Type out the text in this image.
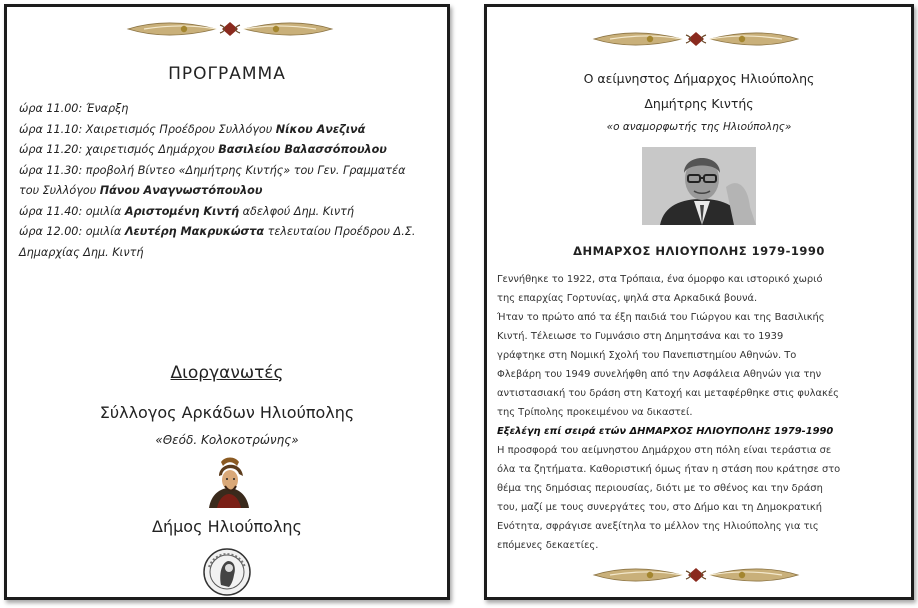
ΠΡΟΓΡΑΜΜΑ
ώρα 11.00: Έναρξη
ώρα 11.10: Χαιρετισμός Προέδρου Συλλόγου Νίκου Ανεζινά
ώρα 11.20: χαιρετισμός Δημάρχου Βασιλείου Βαλασσόπουλου
ώρα 11.30: προβολή Βίντεο «Δημήτρης Κιντής» του Γεν. Γραμματέα
του Συλλόγου Πάνου Αναγνωστόπουλου
ώρα 11.40: ομιλία Αριστομένη Κιντή αδελφού Δημ. Κιντή
ώρα 12.00: ομιλία Λευτέρη Μακρυκώστα τελευταίου Προέδρου Δ.Σ.
Δημαρχίας Δημ. Κιντή
Διοργανωτές
Σύλλογος Αρκάδων Ηλιούπολης
«Θεόδ. Κολοκοτρώνης»
Δήμος Ηλιούπολης
Ο αείμνηστος Δήμαρχος Ηλιούπολης
Δημήτρης Κιντής
«ο αναμορφωτής της Ηλιούπολης»
ΔΗΜΑΡΧΟΣ ΗΛΙΟΥΠΟΛΗΣ 1979-1990
Γεννήθηκε το 1922, στα Τρόπαια, ένα όμορφο και ιστορικό χωριό
της επαρχίας Γορτυνίας, ψηλά στα Αρκαδικά βουνά.
Ήταν το πρώτο από τα έξη παιδιά του Γιώργου και της Βασιλικής
Κιντή. Τέλειωσε το Γυμνάσιο στη Δημητσάνα και το 1939
γράφτηκε στη Νομική Σχολή του Πανεπιστημίου Αθηνών. Το
Φλεβάρη του 1949 συνελήφθη από την Ασφάλεια Αθηνών για την
αντιστασιακή του δράση στη Κατοχή και μεταφέρθηκε στις φυλακές
της Τρίπολης προκειμένου να δικαστεί.
Εξελέγη επί σειρά ετών ΔΗΜΑΡΧΟΣ ΗΛΙΟΥΠΟΛΗΣ 1979-1990
Η προσφορά του αείμνηστου Δημάρχου στη πόλη είναι τεράστια σε
όλα τα ζητήματα. Καθοριστική όμως ήταν η στάση που κράτησε στο
θέμα της δημόσιας περιουσίας, διότι με το σθένος και την δράση
του, μαζί με τους συνεργάτες του, στο Δήμο και τη Δημοκρατική
Ενότητα, σφράγισε ανεξίτηλα το μέλλον της Ηλιούπολης για τις
επόμενες δεκαετίες.
